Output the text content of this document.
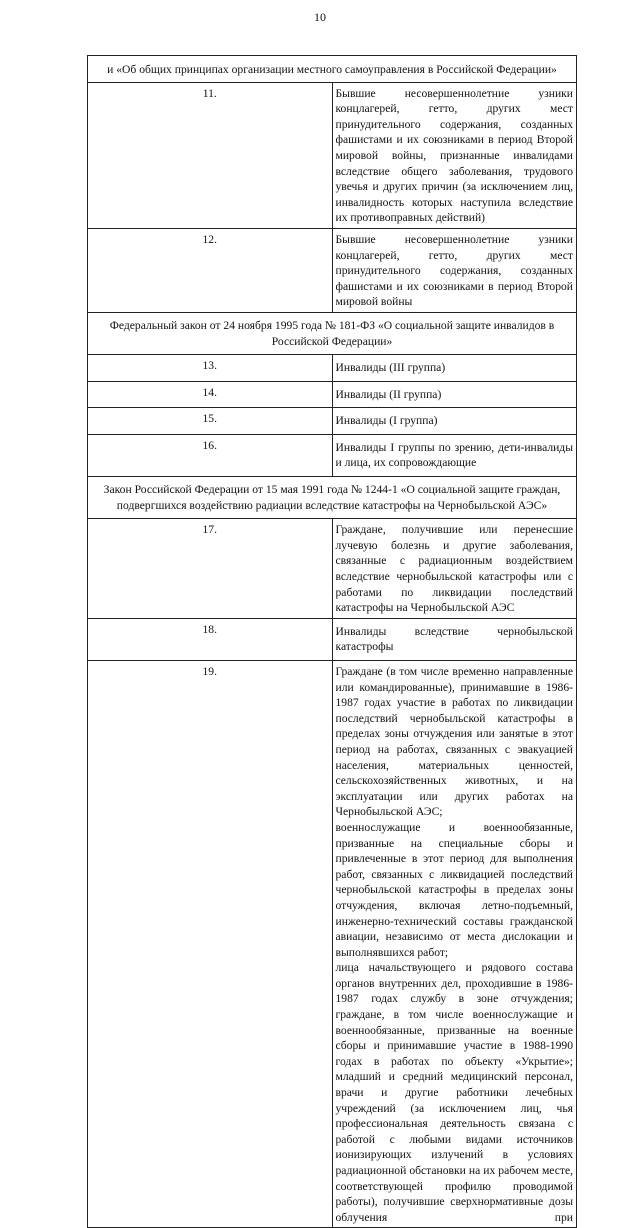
10
и «Об общих принципах организации местного самоуправления в Российской Федерации»	
11.	Бывшие несовершеннолетние узники концлагерей, гетто, других мест принудительного содержания, созданных фашистами и их союзниками в период Второй мировой войны, признанные инвалидами вследствие общего заболевания, трудового увечья и других причин (за исключением лиц, инвалидность которых наступила вследствие их противоправных действий)

12.	Бывшие несовершеннолетние узники концлагерей, гетто, других мест принудительного содержания, созданных фашистами и их союзниками в период Второй мировой войны

Федеральный закон от 24 ноября 1995 года № 181-ФЗ «О социальной защите инвалидов в Российской Федерации»	
13.	Инвалиды (III группа)

14.	Инвалиды (II группа)

15.	Инвалиды (I группа)

16.	Инвалиды I группы по зрению, дети-инвалиды и лица, их сопровождающие

Закон Российской Федерации от 15 мая 1991 года № 1244-1 «О социальной защите граждан, подвергшихся воздействию радиации вследствие катастрофы на Чернобыльской АЭС»	
17.	Граждане, получившие или перенесшие лучевую болезнь и другие заболевания, связанные с радиационным воздействием вследствие чернобыльской катастрофы или с работами по ликвидации последствий катастрофы на Чернобыльской АЭС

18.	Инвалиды вследствие чернобыльской катастрофы

19.	Граждане (в том числе временно направленные или командированные), принимавшие в 1986-1987 годах участие в работах по ликвидации последствий чернобыльской катастрофы в пределах зоны отчуждения или занятые в этот период на работах, связанных с эвакуацией населения, материальных ценностей, сельскохозяйственных животных, и на эксплуатации или других работах на Чернобыльской АЭС;
военнослужащие и военнообязанные, призванные на специальные сборы и привлеченные в этот период для выполнения работ, связанных с ликвидацией последствий чернобыльской катастрофы в пределах зоны отчуждения, включая летно-подъемный, инженерно-технический составы гражданской авиации, независимо от места дислокации и выполнявшихся работ;
лица начальствующего и рядового состава органов внутренних дел, проходившие в 1986-1987 годах службу в зоне отчуждения; граждане, в том числе военнослужащие и военнообязанные, призванные на военные сборы и принимавшие участие в 1988-1990 годах в работах по объекту «Укрытие»; младший и средний медицинский персонал, врачи и другие работники лечебных учреждений (за исключением лиц, чья профессиональная деятельность связана с работой с любыми видами источников ионизирующих излучений в условиях радиационной обстановки на их рабочем месте, соответствующей профилю проводимой работы), получившие сверхнормативные дозы облучения при
